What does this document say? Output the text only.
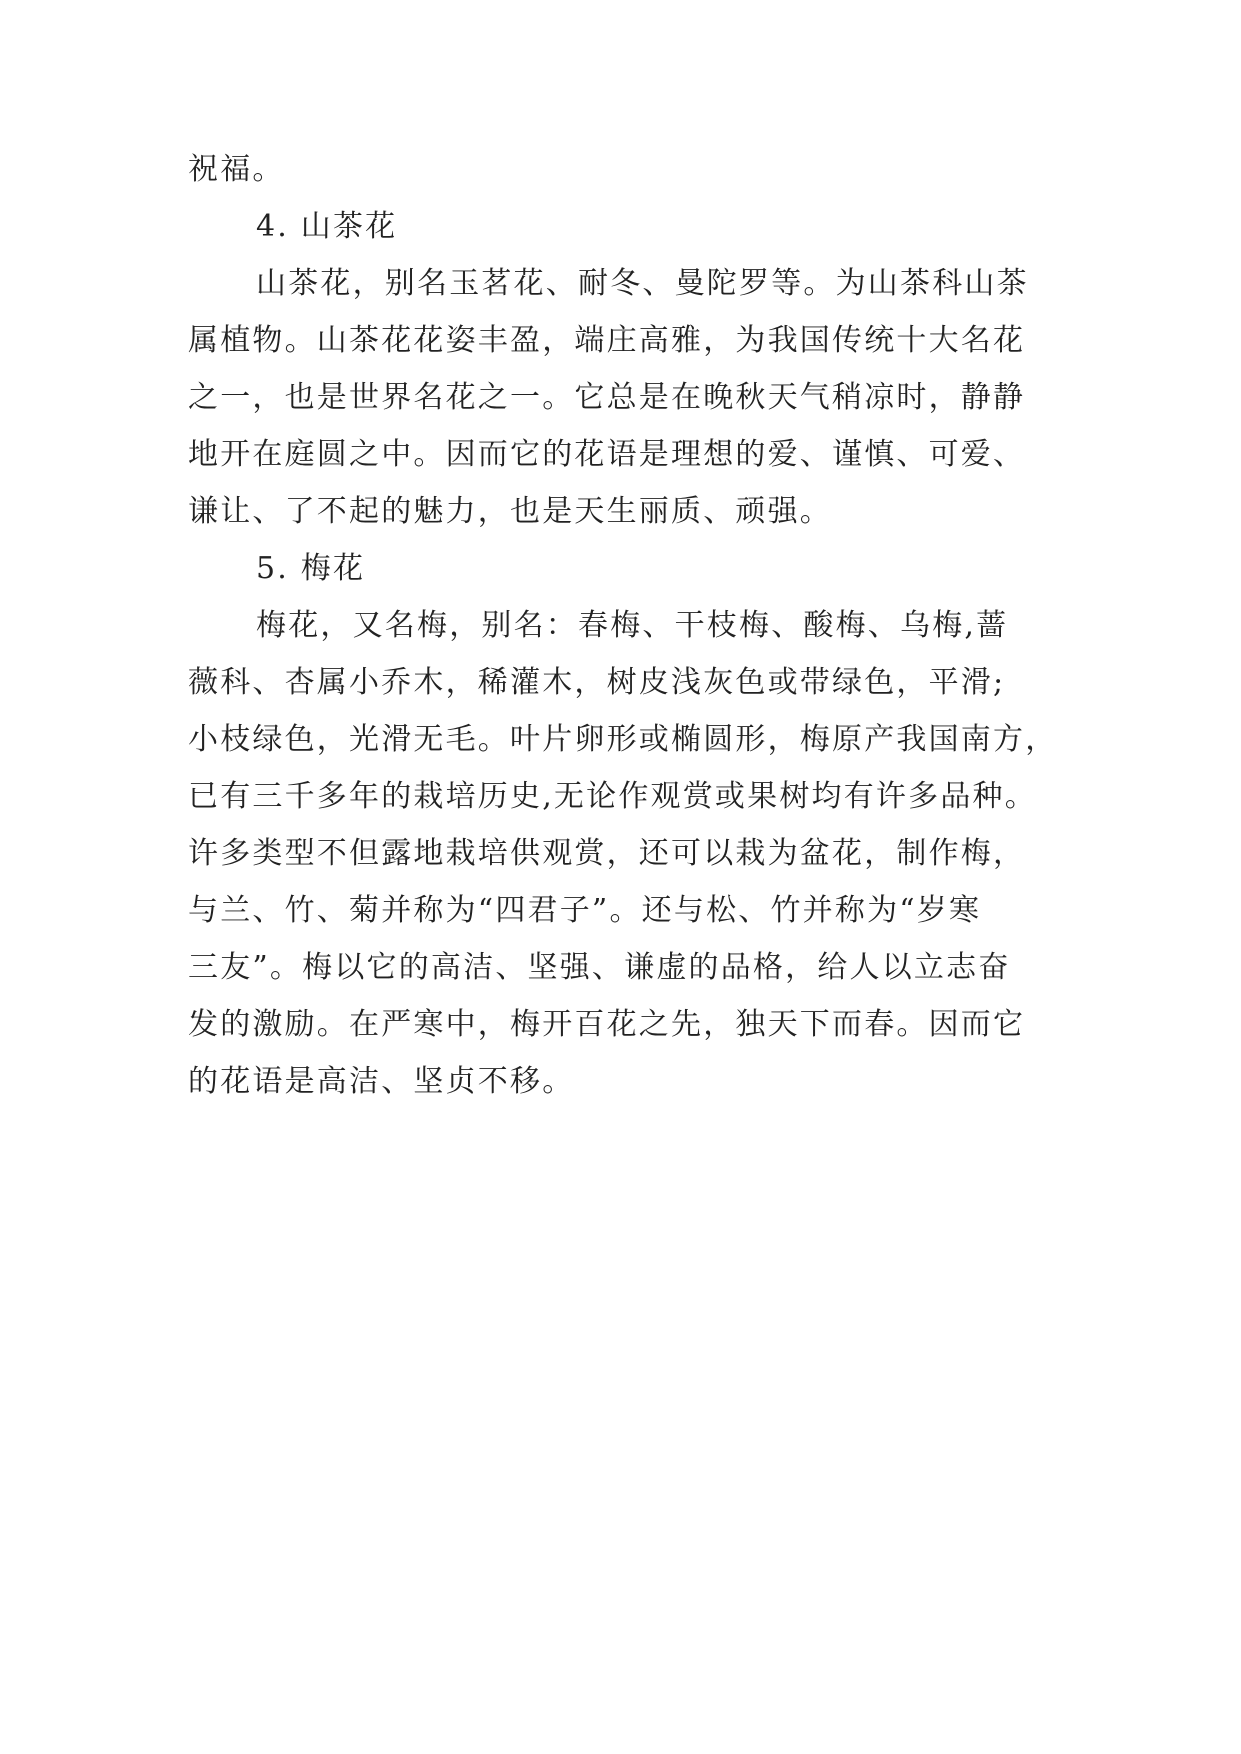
祝福。
4. 山茶花
山茶花，别名玉茗花、耐冬、曼陀罗等。为山茶科山茶
属植物。山茶花花姿丰盈，端庄高雅，为我国传统十大名花
之一，也是世界名花之一。它总是在晚秋天气稍凉时，静静
地开在庭圆之中。因而它的花语是理想的爱、谨慎、可爱、
谦让、了不起的魅力，也是天生丽质、顽强。
5. 梅花
梅花，又名梅，别名：春梅、干枝梅、酸梅、乌梅,蔷
薇科、杏属小乔木，稀灌木，树皮浅灰色或带绿色，平滑;
小枝绿色，光滑无毛。叶片卵形或椭圆形，梅原产我国南方，
已有三千多年的栽培历史,无论作观赏或果树均有许多品种。
许多类型不但露地栽培供观赏，还可以栽为盆花，制作梅，
与兰、竹、菊并称为“四君子”。还与松、竹并称为“岁寒
三友”。梅以它的高洁、坚强、谦虚的品格，给人以立志奋
发的激励。在严寒中，梅开百花之先，独天下而春。因而它
的花语是高洁、坚贞不移。
